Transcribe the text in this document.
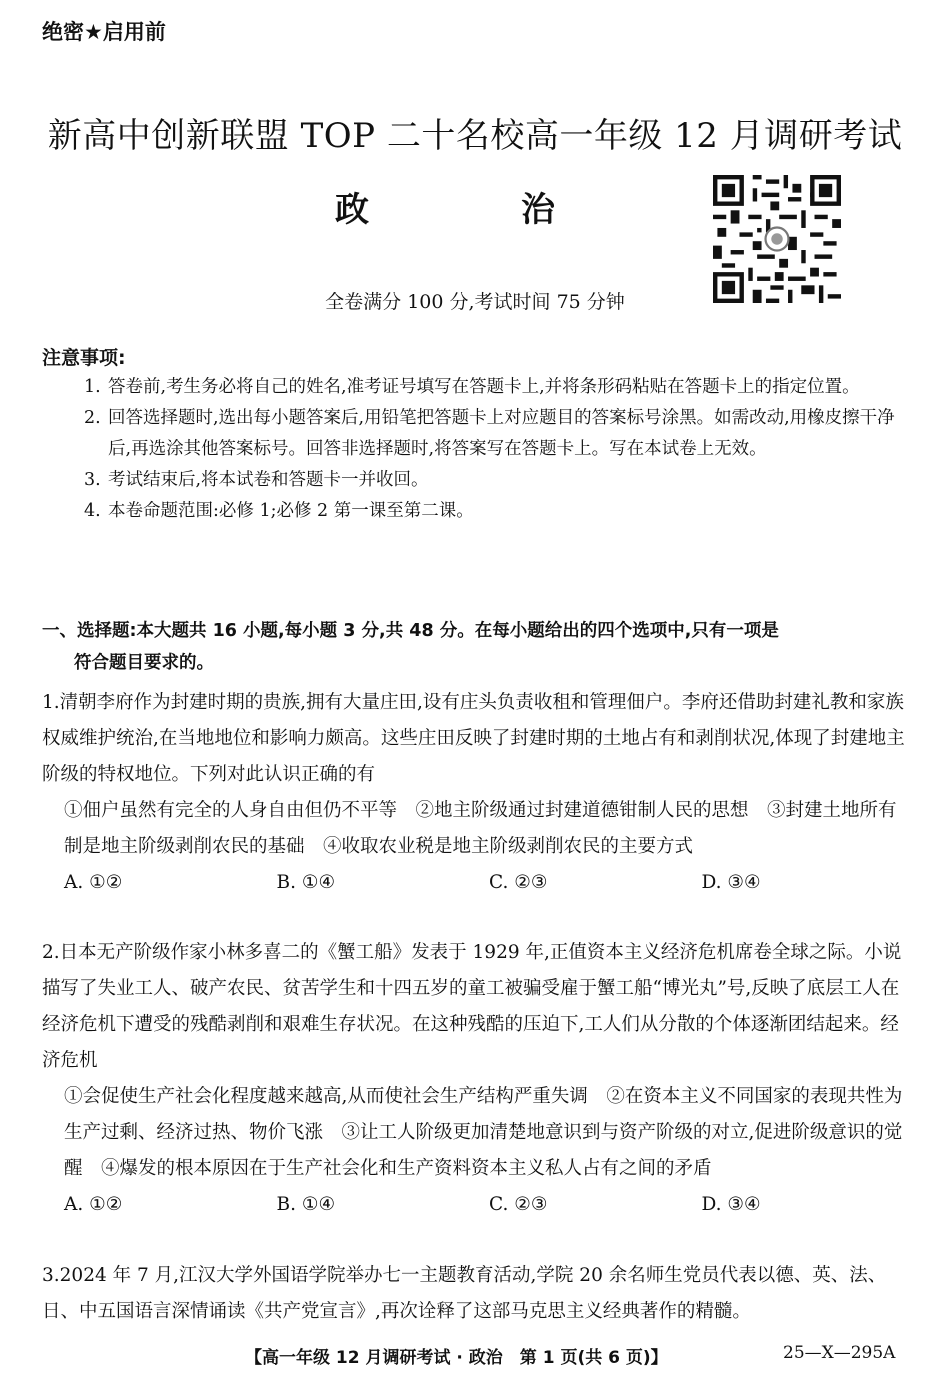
绝密★启用前
新高中创新联盟 TOP 二十名校高一年级 12 月调研考试
政	治
全卷满分 100 分,考试时间 75 分钟
注意事项:
1. 答卷前,考生务必将自己的姓名,准考证号填写在答题卡上,并将条形码粘贴在答题卡上的指定位置。
2. 回答选择题时,选出每小题答案后,用铅笔把答题卡上对应题目的答案标号涂黑。如需改动,用橡皮擦干净后,再选涂其他答案标号。回答非选择题时,将答案写在答题卡上。写在本试卷上无效。
3. 考试结束后,将本试卷和答题卡一并收回。
4. 本卷命题范围:必修 1;必修 2 第一课至第二课。
一、选择题:本大题共 16 小题,每小题 3 分,共 48 分。在每小题给出的四个选项中,只有一项是
符合题目要求的。
1.清朝李府作为封建时期的贵族,拥有大量庄田,设有庄头负责收租和管理佃户。李府还借助封建礼教和家族权威维护统治,在当地地位和影响力颇高。这些庄田反映了封建时期的土地占有和剥削状况,体现了封建地主阶级的特权地位。下列对此认识正确的有
①佃户虽然有完全的人身自由但仍不平等　②地主阶级通过封建道德钳制人民的思想　③封建土地所有制是地主阶级剥削农民的基础　④收取农业税是地主阶级剥削农民的主要方式
A. ①②	B. ①④	C. ②③	D. ③④
2.日本无产阶级作家小林多喜二的《蟹工船》发表于 1929 年,正值资本主义经济危机席卷全球之际。小说描写了失业工人、破产农民、贫苦学生和十四五岁的童工被骗受雇于蟹工船“博光丸”号,反映了底层工人在经济危机下遭受的残酷剥削和艰难生存状况。在这种残酷的压迫下,工人们从分散的个体逐渐团结起来。经济危机
①会促使生产社会化程度越来越高,从而使社会生产结构严重失调　②在资本主义不同国家的表现共性为生产过剩、经济过热、物价飞涨　③让工人阶级更加清楚地意识到与资产阶级的对立,促进阶级意识的觉醒　④爆发的根本原因在于生产社会化和生产资料资本主义私人占有之间的矛盾
A. ①②	B. ①④	C. ②③	D. ③④
3.2024 年 7 月,江汉大学外国语学院举办七一主题教育活动,学院 20 余名师生党员代表以德、英、法、日、中五国语言深情诵读《共产党宣言》,再次诠释了这部马克思主义经典著作的精髓。
【高一年级 12 月调研考试 · 政治　第 1 页(共 6 页)】	25—X—295A
